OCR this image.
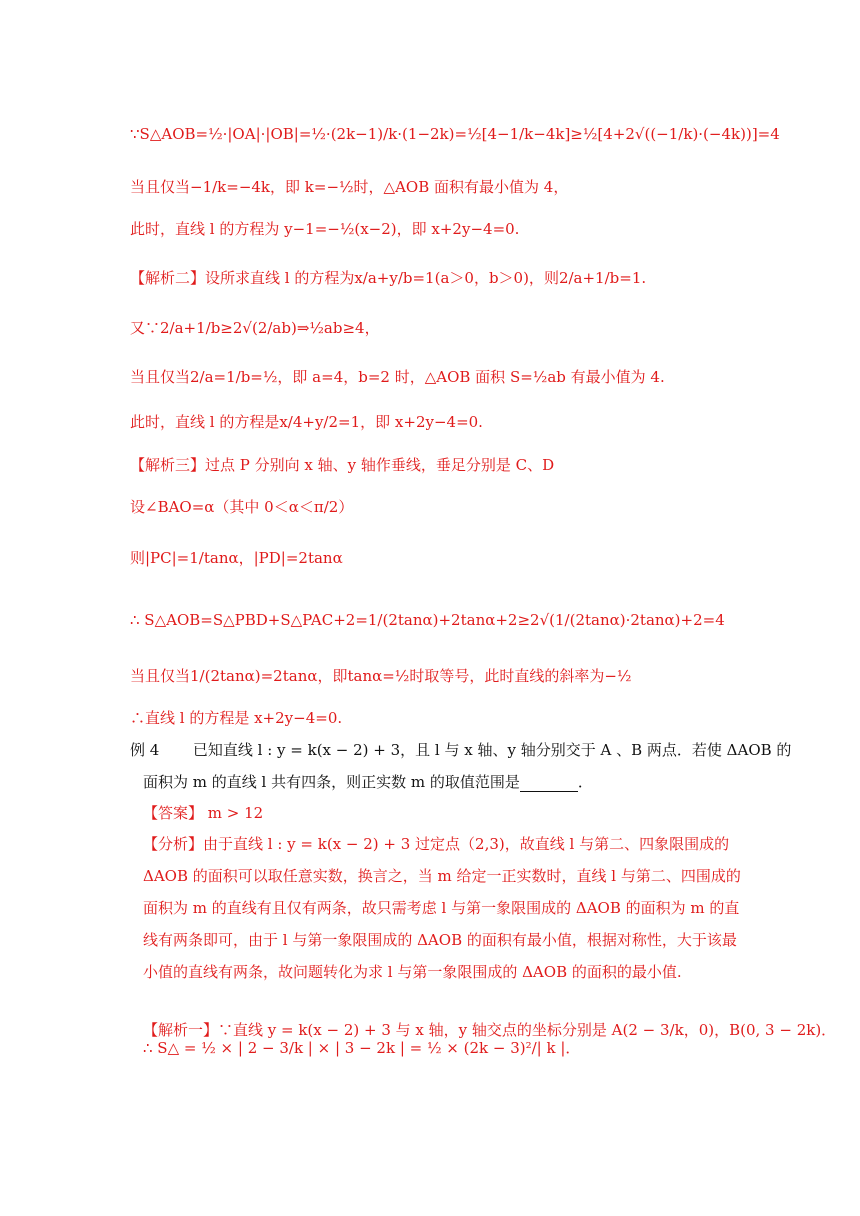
∵S△AOB=½·|OA|·|OB|=½·(2k−1)/k·(1−2k)=½[4−1/k−4k]≥½[4+2√((−1/k)·(−4k))]=4
当且仅当−1/k=−4k，即 k=−½时，△AOB 面积有最小值为 4，
此时，直线 l 的方程为 y−1=−½(x−2)，即 x+2y−4=0.
【解析二】设所求直线 l 的方程为x/a+y/b=1(a＞0，b＞0)，则2/a+1/b=1.
又∵2/a+1/b≥2√(2/ab)⇒½ab≥4，
当且仅当2/a=1/b=½，即 a=4，b=2 时，△AOB 面积 S=½ab 有最小值为 4.
此时，直线 l 的方程是x/4+y/2=1，即 x+2y−4=0.
【解析三】过点 P 分别向 x 轴、y 轴作垂线，垂足分别是 C、D
设∠BAO=α（其中 0＜α＜π/2）
则|PC|=1/tanα，|PD|=2tanα
∴ S△AOB=S△PBD+S△PAC+2=1/(2tanα)+2tanα+2≥2√(1/(2tanα)·2tanα)+2=4
当且仅当1/(2tanα)=2tanα，即tanα=½时取等号，此时直线的斜率为−½
∴直线 l 的方程是 x+2y−4=0.
例 4 已知直线 l : y = k(x − 2) + 3，且 l 与 x 轴、y 轴分别交于 A 、B 两点．若使 ΔAOB 的
面积为 m 的直线 l 共有四条，则正实数 m 的取值范围是	．
【答案】 m > 12
【分析】由于直线 l : y = k(x − 2) + 3 过定点（2,3)，故直线 l 与第二、四象限围成的 ΔAOB 的面积可以取任意实数，换言之，当 m 给定一正实数时，直线 l 与第二、四围成的面积为 m 的直线有且仅有两条，故只需考虑 l 与第一象限围成的 ΔAOB 的面积为 m 的直线有两条即可，由于 l 与第一象限围成的 ΔAOB 的面积有最小值，根据对称性，大于该最小值的直线有两条，故问题转化为求 l 与第一象限围成的 ΔAOB 的面积的最小值.
【解析一】∵直线 y = k(x − 2) + 3 与 x 轴，y 轴交点的坐标分别是 A(2 − 3/k，0)，B(0, 3 − 2k)．
∴ S△ = ½ × | 2 − 3/k | × | 3 − 2k | = ½ × (2k − 3)²/| k |．
